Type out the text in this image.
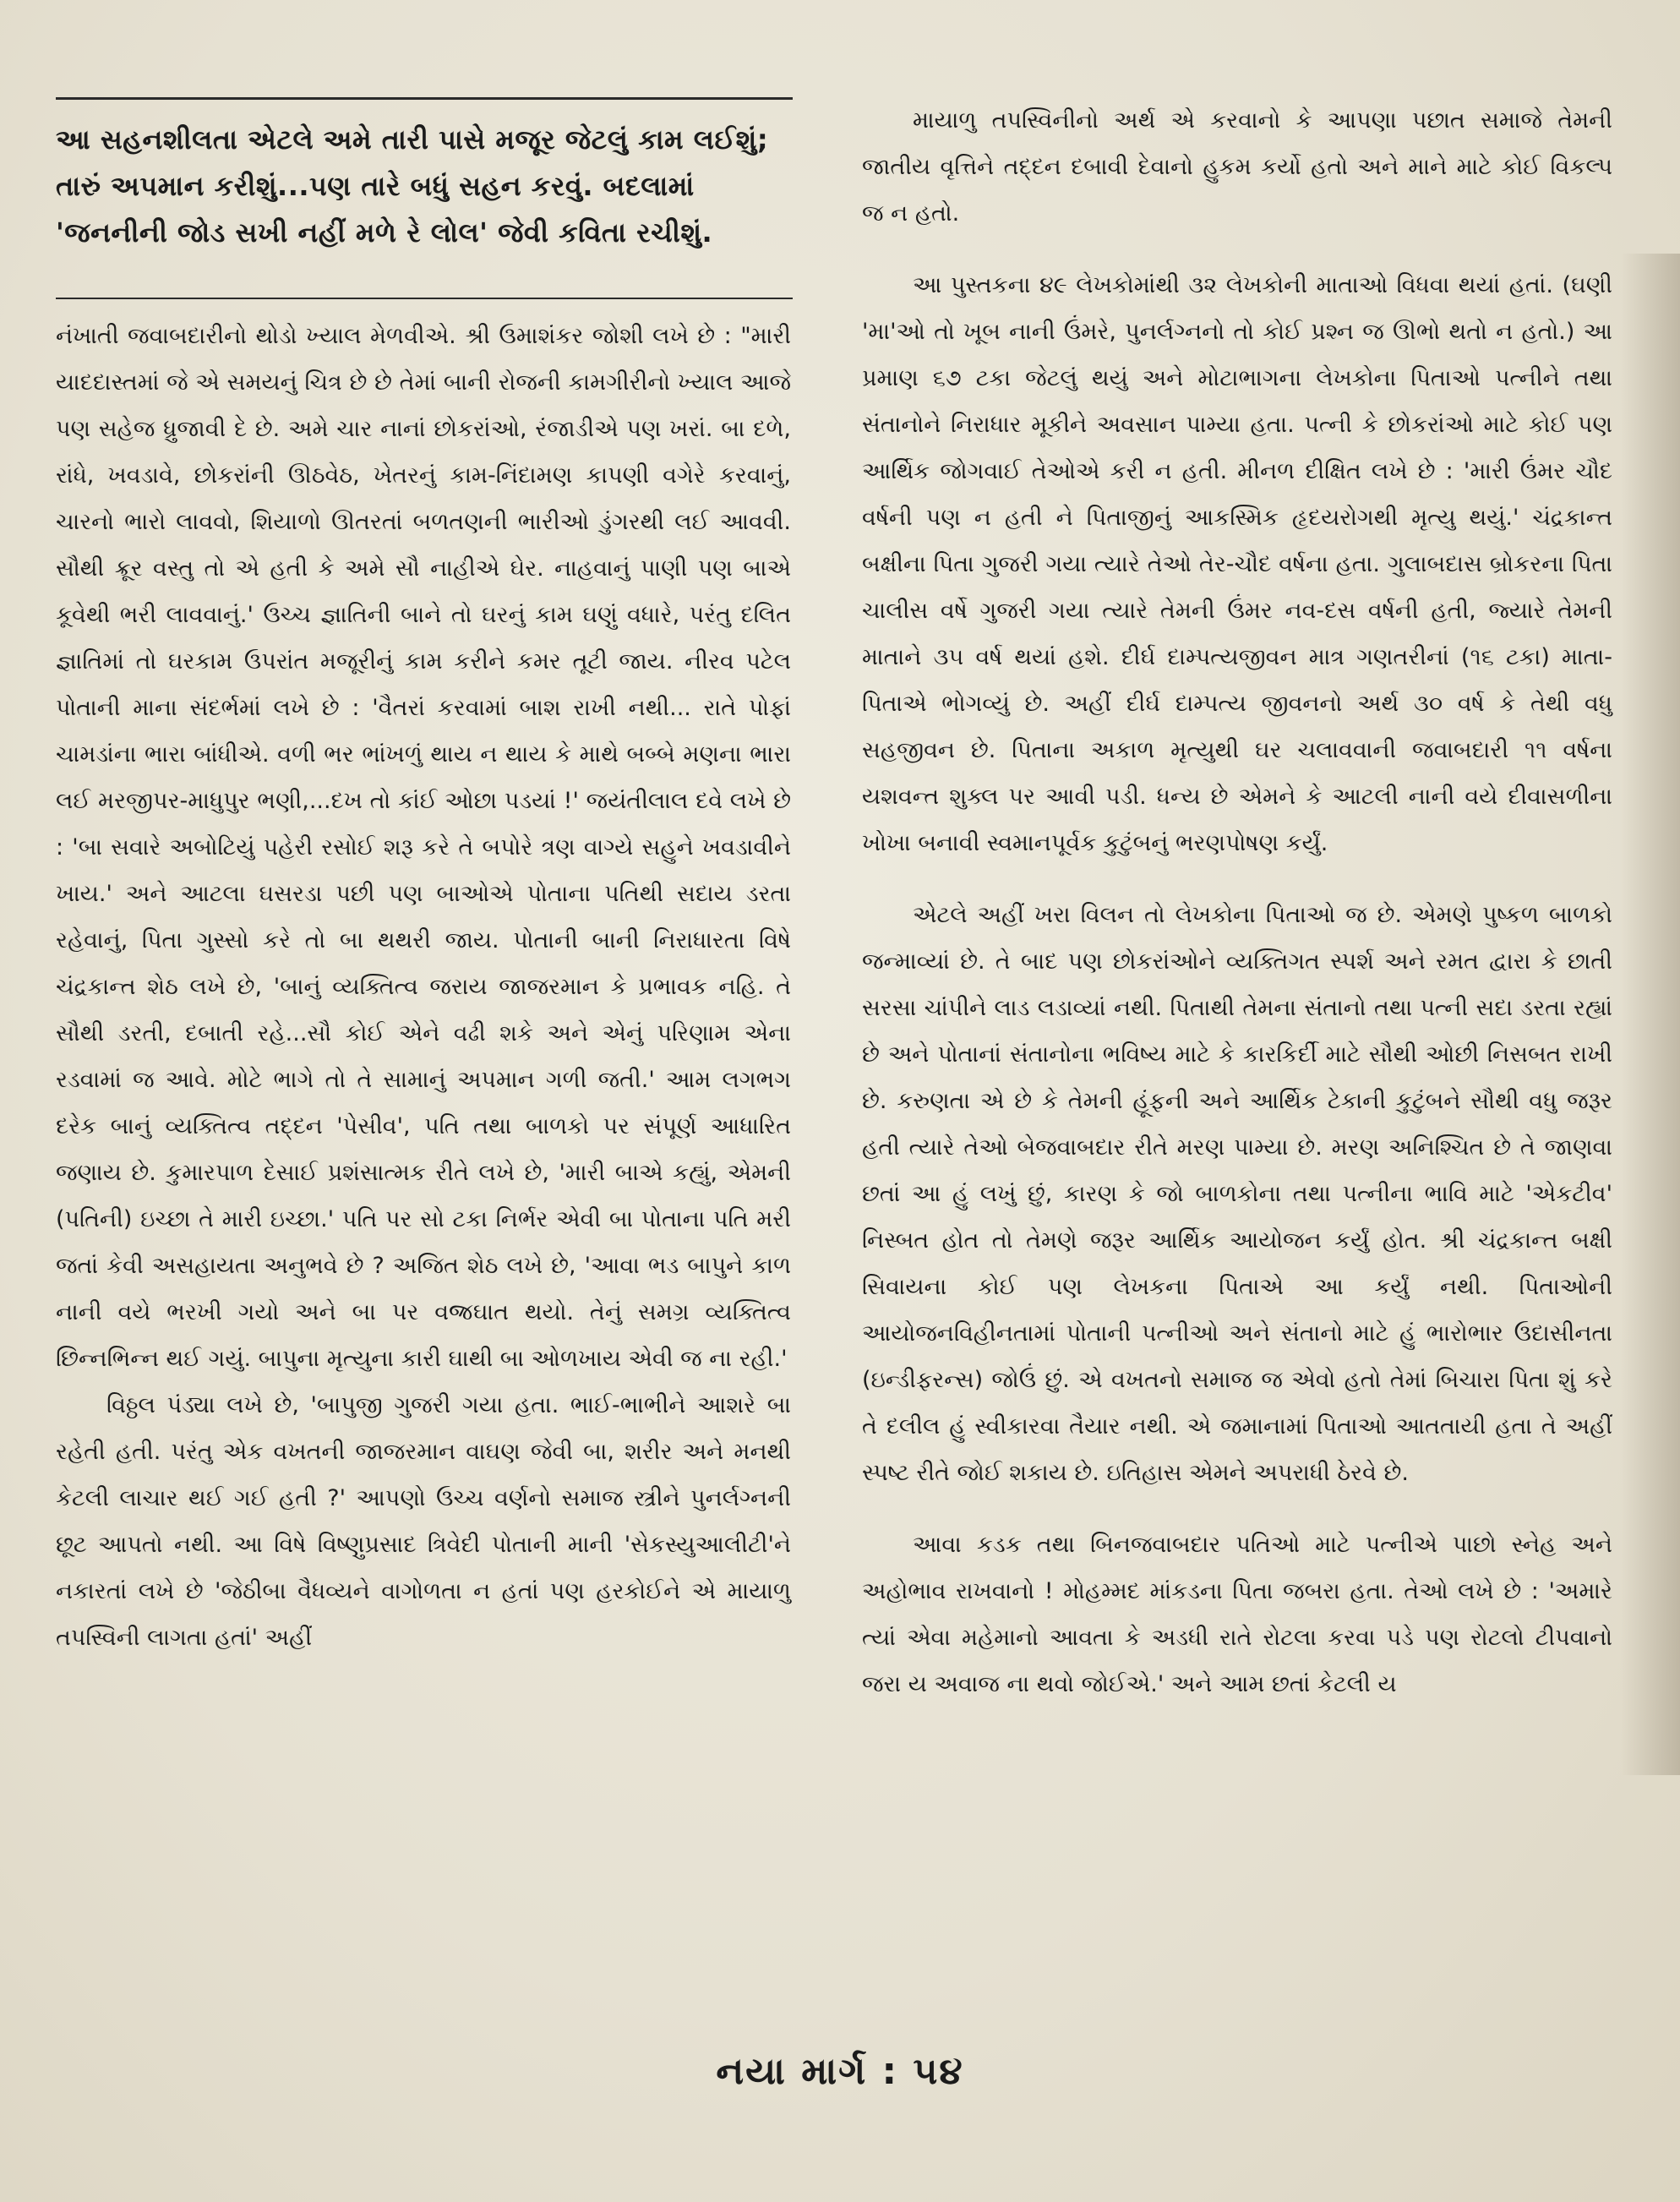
આ સહનશીલતા એટલે અમે તારી પાસે મજૂર જેટલું કામ લઈશું; તારું અપમાન કરીશું...પણ તારે બધું સહન કરવું. બદલામાં 'જનનીની જોડ સખી નહીં મળે રે લોલ' જેવી કવિતા રચીશું.

નંખાતી જવાબદારીનો થોડો ખ્યાલ મેળવીએ. શ્રી ઉમાશંકર જોશી લખે છે : "મારી યાદદાસ્તમાં જે એ સમયનું ચિત્ર છે છે તેમાં બાની રોજની કામગીરીનો ખ્યાલ આજે પણ સહેજ ધ્રુજાવી દે છે. અમે ચાર નાનાં છોકરાંઓ, રંજાડીએ પણ ખરાં. બા દળે, રાંધે, ખવડાવે, છોકરાંની ઊઠવેઠ, ખેતરનું કામ-નિંદામણ કાપણી વગેરે કરવાનું, ચારનો ભારો લાવવો, શિયાળો ઊતરતાં બળતણની ભારીઓ ડુંગરથી લઈ આવવી. સૌથી ક્રૂર વસ્તુ તો એ હતી કે અમે સૌ નાહીએ ઘેર. નાહવાનું પાણી પણ બાએ કૂવેથી ભરી લાવવાનું.' ઉચ્ચ જ્ઞાતિની બાને તો ઘરનું કામ ઘણું વધારે, પરંતુ દલિત જ્ઞાતિમાં તો ઘરકામ ઉપરાંત મજૂરીનું કામ કરીને કમર તૂટી જાય. નીરવ પટેલ પોતાની માના સંદર્ભમાં લખે છે : 'વૈતરાં કરવામાં બાશ રાખી નથી... રાતે પોફાં ચામડાંના ભારા બાંધીએ. વળી ભર ભાંખળું થાય ન થાય કે માથે બબ્બે મણના ભારા લઈ મરજીપર-માધુપુર ભણી,...દખ તો કાંઈ ઓછા પડયાં !' જયંતીલાલ દવે લખે છે : 'બા સવારે અબોટિયું પહેરી રસોઈ શરૂ કરે તે બપોરે ત્રણ વાગ્યે સહુને ખવડાવીને ખાય.' અને આટલા ઘસરડા પછી પણ બાઓએ પોતાના પતિથી સદાય ડરતા રહેવાનું, પિતા ગુસ્સો કરે તો બા થથરી જાય. પોતાની બાની નિરાધારતા વિષે ચંદ્રકાન્ત શેઠ લખે છે, 'બાનું વ્યક્તિત્વ જરાય જાજરમાન કે પ્રભાવક નહિ. તે સૌથી ડરતી, દબાતી રહે...સૌ કોઈ એને વઢી શકે અને એનું પરિણામ એના રડવામાં જ આવે. મોટે ભાગે તો તે સામાનું અપમાન ગળી જતી.' આમ લગભગ દરેક બાનું વ્યક્તિત્વ તદ્દન 'પેસીવ', પતિ તથા બાળકો પર સંપૂર્ણ આધારિત જણાય છે. કુમારપાળ દેસાઈ પ્રશંસાત્મક રીતે લખે છે, 'મારી બાએ કહ્યું, એમની (પતિની) ઇચ્છા તે મારી ઇચ્છા.' પતિ પર સો ટકા નિર્ભર એવી બા પોતાના પતિ મરી જતાં કેવી અસહાયતા અનુભવે છે ? અજિત શેઠ લખે છે, 'આવા ભડ બાપુને કાળ નાની વયે ભરખી ગયો અને બા પર વજ્રઘાત થયો. તેનું સમગ્ર વ્યક્તિત્વ છિન્નભિન્ન થઈ ગયું. બાપુના મૃત્યુના કારી ઘાથી બા ઓળખાય એવી જ ના રહી.'

વિઠ્ઠલ પંડ્યા લખે છે, 'બાપુજી ગુજરી ગયા હતા. ભાઈ-ભાભીને આશરે બા રહેતી હતી. પરંતુ એક વખતની જાજરમાન વાઘણ જેવી બા, શરીર અને મનથી કેટલી લાચાર થઈ ગઈ હતી ?' આપણો ઉચ્ચ વર્ણનો સમાજ સ્ત્રીને પુનર્લગ્નની છૂટ આપતો નથી. આ વિષે વિષ્ણુપ્રસાદ ત્રિવેદી પોતાની માની 'સેકસ્યુઆલીટી'ને નકારતાં લખે છે 'જેઠીબા વૈધવ્યને વાગોળતા ન હતાં પણ હરકોઈને એ માયાળુ તપસ્વિની લાગતા હતાં' અહીં

માયાળુ તપસ્વિનીનો અર્થ એ કરવાનો કે આપણા પછાત સમાજે તેમની જાતીય વૃત્તિને તદ્દન દબાવી દેવાનો હુકમ કર્યો હતો અને માને માટે કોઈ વિકલ્પ જ ન હતો.

આ પુસ્તકના ૪૯ લેખકોમાંથી ૩૨ લેખકોની માતાઓ વિધવા થયાં હતાં. (ઘણી 'મા'ઓ તો ખૂબ નાની ઉંમરે, પુનર્લગ્નનો તો કોઈ પ્રશ્ન જ ઊભો થતો ન હતો.) આ પ્રમાણ ૬૭ ટકા જેટલું થયું અને મોટાભાગના લેખકોના પિતાઓ પત્નીને તથા સંતાનોને નિરાધાર મૂકીને અવસાન પામ્યા હતા. પત્ની કે છોકરાંઓ માટે કોઈ પણ આર્થિક જોગવાઈ તેઓએ કરી ન હતી. મીનળ દીક્ષિત લખે છે : 'મારી ઉંમર ચૌદ વર્ષની પણ ન હતી ને પિતાજીનું આકસ્મિક હૃદયરોગથી મૃત્યુ થયું.' ચંદ્રકાન્ત બક્ષીના પિતા ગુજરી ગયા ત્યારે તેઓ તેર-ચૌદ વર્ષના હતા. ગુલાબદાસ બ્રોકરના પિતા ચાલીસ વર્ષે ગુજરી ગયા ત્યારે તેમની ઉંમર નવ-દસ વર્ષની હતી, જ્યારે તેમની માતાને ૩૫ વર્ષ થયાં હશે. દીર્ઘ દામ્પત્યજીવન માત્ર ગણતરીનાં (૧૬ ટકા) માતા-પિતાએ ભોગવ્યું છે. અહીં દીર્ઘ દામ્પત્ય જીવનનો અર્થ ૩૦ વર્ષ કે તેથી વધુ સહજીવન છે. પિતાના અકાળ મૃત્યુથી ઘર ચલાવવાની જવાબદારી ૧૧ વર્ષના યશવન્ત શુક્લ પર આવી પડી. ધન્ય છે એમને કે આટલી નાની વયે દીવાસળીના ખોખા બનાવી સ્વમાનપૂર્વક કુટુંબનું ભરણપોષણ કર્યું.

એટલે અહીં ખરા વિલન તો લેખકોના પિતાઓ જ છે. એમણે પુષ્કળ બાળકો જન્માવ્યાં છે. તે બાદ પણ છોકરાંઓને વ્યક્તિગત સ્પર્શ અને રમત દ્વારા કે છાતી સરસા ચાંપીને લાડ લડાવ્યાં નથી. પિતાથી તેમના સંતાનો તથા પત્ની સદા ડરતા રહ્યાં છે અને પોતાનાં સંતાનોના ભવિષ્ય માટે કે કારકિર્દી માટે સૌથી ઓછી નિસબત રાખી છે. કરુણતા એ છે કે તેમની હૂંફની અને આર્થિક ટેકાની કુટુંબને સૌથી વધુ જરૂર હતી ત્યારે તેઓ બેજવાબદાર રીતે મરણ પામ્યા છે. મરણ અનિશ્ચિત છે તે જાણવા છતાં આ હું લખું છું, કારણ કે જો બાળકોના તથા પત્નીના ભાવિ માટે 'એકટીવ' નિસ્બત હોત તો તેમણે જરૂર આર્થિક આયોજન કર્યું હોત. શ્રી ચંદ્રકાન્ત બક્ષી સિવાયના કોઈ પણ લેખકના પિતાએ આ કર્યું નથી. પિતાઓની આયોજનવિહીનતામાં પોતાની પત્નીઓ અને સંતાનો માટે હું ભારોભાર ઉદાસીનતા (ઇન્ડીફરન્સ) જોઉં છું. એ વખતનો સમાજ જ એવો હતો તેમાં બિચારા પિતા શું કરે તે દલીલ હું સ્વીકારવા તૈયાર નથી. એ જમાનામાં પિતાઓ આતતાયી હતા તે અહીં સ્પષ્ટ રીતે જોઈ શકાય છે. ઇતિહાસ એમને અપરાધી ઠેરવે છે.

આવા કડક તથા બિનજવાબદાર પતિઓ માટે પત્નીએ પાછો સ્નેહ અને અહોભાવ રાખવાનો ! મોહમ્મદ માંકડના પિતા જબરા હતા. તેઓ લખે છે : 'અમારે ત્યાં એવા મહેમાનો આવતા કે અડધી રાતે રોટલા કરવા પડે પણ રોટલો ટીપવાનો જરા ય અવાજ ના થવો જોઈએ.' અને આમ છતાં કેટલી ય

નયા માર્ગ : ૫૪
